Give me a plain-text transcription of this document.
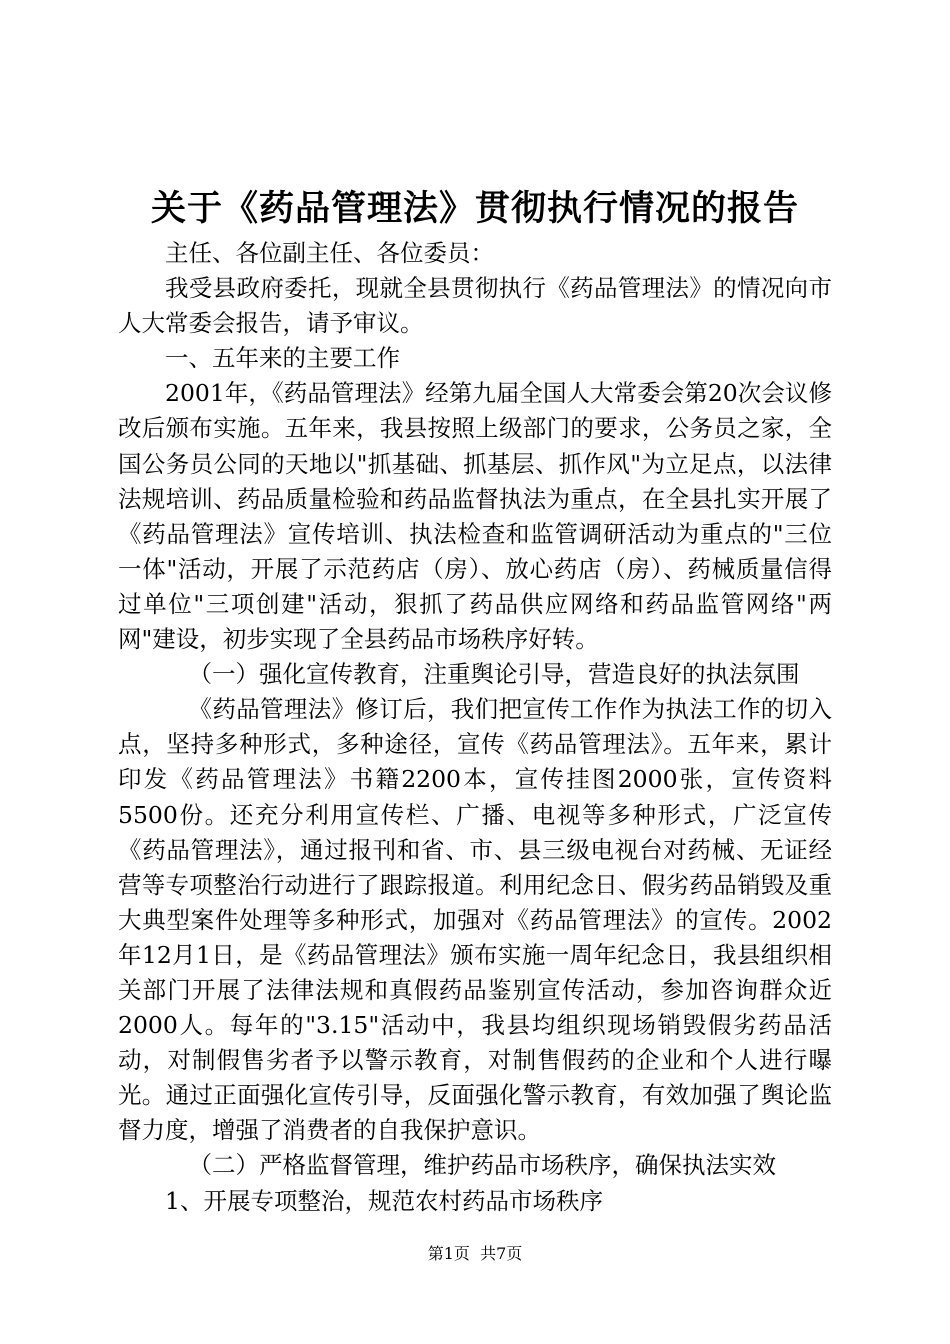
关于《药品管理法》贯彻执行情况的报告

主任、各位副主任、各位委员：

我受县政府委托，现就全县贯彻执行《药品管理法》的情况向市人大常委会报告，请予审议。

一、五年来的主要工作

2001年，《药品管理法》经第九届全国人大常委会第20次会议修改后颁布实施。五年来，我县按照上级部门的要求，公务员之家，全国公务员公同的天地以"抓基础、抓基层、抓作风"为立足点，以法律法规培训、药品质量检验和药品监督执法为重点，在全县扎实开展了《药品管理法》宣传培训、执法检查和监管调研活动为重点的"三位一体"活动，开展了示范药店（房）、放心药店（房）、药械质量信得过单位"三项创建"活动，狠抓了药品供应网络和药品监管网络"两网"建设，初步实现了全县药品市场秩序好转。

（一）强化宣传教育，注重舆论引导，营造良好的执法氛围

《药品管理法》修订后，我们把宣传工作作为执法工作的切入点，坚持多种形式，多种途径，宣传《药品管理法》。五年来，累计印发《药品管理法》书籍2200本，宣传挂图2000张，宣传资料5500份。还充分利用宣传栏、广播、电视等多种形式，广泛宣传《药品管理法》，通过报刊和省、市、县三级电视台对药械、无证经营等专项整治行动进行了跟踪报道。利用纪念日、假劣药品销毁及重大典型案件处理等多种形式，加强对《药品管理法》的宣传。2002年12月1日，是《药品管理法》颁布实施一周年纪念日，我县组织相关部门开展了法律法规和真假药品鉴别宣传活动，参加咨询群众近2000人。每年的"3.15"活动中，我县均组织现场销毁假劣药品活动，对制假售劣者予以警示教育，对制售假药的企业和个人进行曝光。通过正面强化宣传引导，反面强化警示教育，有效加强了舆论监督力度，增强了消费者的自我保护意识。

（二）严格监督管理，维护药品市场秩序，确保执法实效

1、开展专项整治，规范农村药品市场秩序

第1页 共7页
